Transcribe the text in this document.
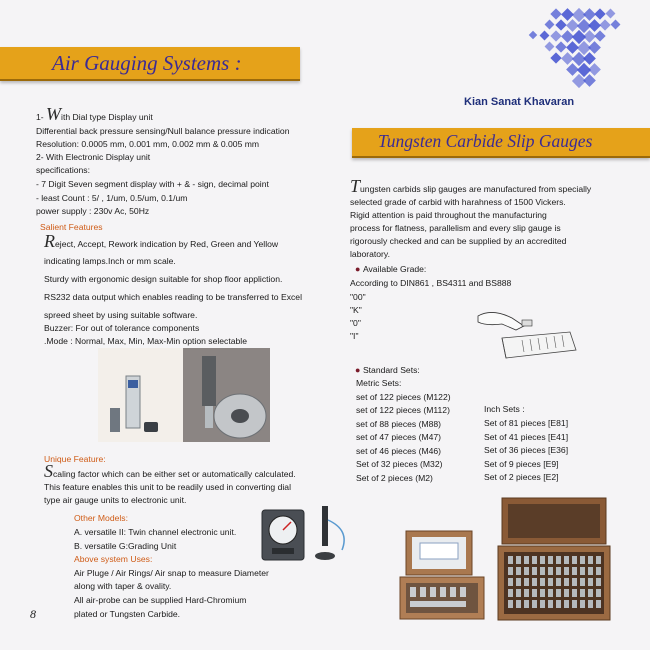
Air Gauging Systems :
Kian Sanat Khavaran
Tungsten Carbide Slip Gauges
1- With Dial type Display unit
Differential back pressure sensing/Null balance pressure indication
Resolution: 0.0005 mm, 0.001 mm, 0.002 mm & 0.005 mm
2- With Electronic Display unit
specifications:
- 7 Digit Seven segment display with + & - sign, decimal point
- least Count : 5/ , 1/um, 0.5/um, 0.1/um
power supply : 230v Ac, 50Hz
Salient Features
Reject, Accept, Rework indication by Red, Green and Yellow
indicating lamps.Inch or mm scale.
Sturdy with ergonomic design suitable for shop floor appliction.
RS232 data output which enables reading to be transferred to Excel
spreed sheet by using suitable software.
Buzzer: For out of tolerance components
.Mode : Normal, Max, Min, Max-Min option selectable
Unique Feature:
Scaling factor which can be either set or automatically calculated.
This feature enables this unit to be readily used in converting dial
type air gauge units to electronic unit.
Other Models:
A. versatile II: Twin channel electronic unit.
B. versatile G:Grading Unit
Above system Uses:
Air Pluge / Air Rings/ Air snap to measure Diameter
along with taper & ovality.
All air-probe can be supplied Hard-Chromium
plated or Tungsten Carbide.
8
Tungsten carbids slip gauges are manufactured from specially
selected grade of carbid with harahness of 1500 Vickers.
Rigid attention is paid throughout the manufacturing
process for flatness, parallelism and every slip gauge is
rigorously checked and can be supplied by an accredited
laboratory.
● Available Grade:
According to DIN861 , BS4311 and BS888
"00"
"K"
"0"
"I"
● Standard Sets:
Metric Sets:
set of 122 pieces (M122)
set of 122 pieces (M112)
set of 88 pieces (M88)
set of 47 pieces (M47)
set of 46 pieces (M46)
Set of 32 pieces (M32)
Set of 2 pieces (M2)
Inch Sets :
Set of 81 pieces [E81]
Set of 41 pieces [E41]
Set of 36 pieces [E36]
Set of 9 pieces [E9]
Set of 2 pieces [E2]
